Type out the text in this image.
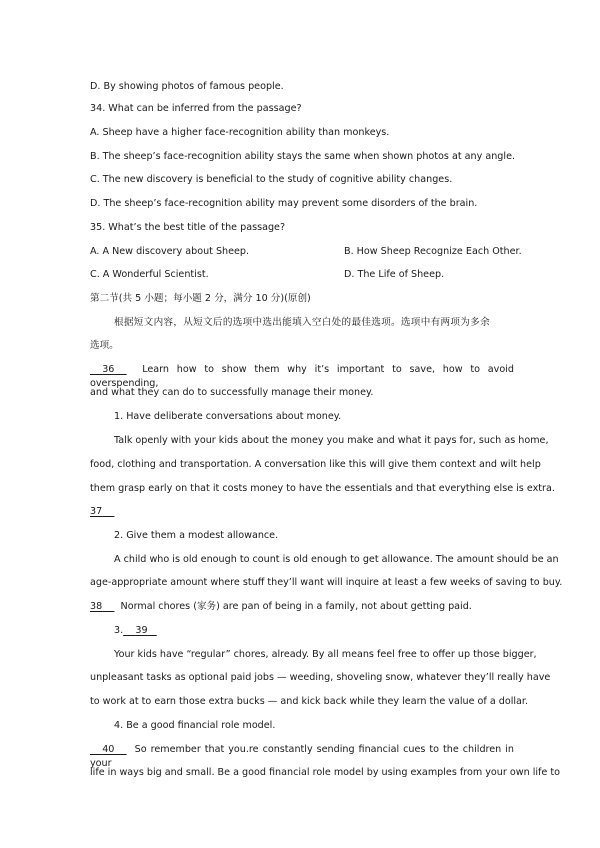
D. By showing photos of famous people.
34. What can be inferred from the passage?
A. Sheep have a higher face-recognition ability than monkeys.
B. The sheep’s face-recognition ability stays the same when shown photos at any angle.
C. The new discovery is beneficial to the study of cognitive ability changes.
D. The sheep’s face-recognition ability may prevent some disorders of the brain.
35. What’s the best title of the passage?
A. A New discovery about Sheep.	B. How Sheep Recognize Each Other.
C. A Wonderful Scientist.	D. The Life of Sheep.
第二节(共 5 小题；每小题 2 分，满分 10 分)(原创)
根据短文内容，从短文后的选项中选出能填入空白处的最佳选项。选项中有两项为多余
选项。
36	Learn how to show them why it’s important to save, how to avoid overspending,
and what they can do to successfully manage their money.
1. Have deliberate conversations about money.
Talk openly with your kids about the money you make and what it pays for, such as home,
food, clothing and transportation. A conversation like this will give them context and wilt help
them grasp early on that it costs money to have the essentials and that everything else is extra.
37
2. Give them a modest allowance.
A child who is old enough to count is old enough to get allowance. The amount should be an
age-appropriate amount where stuff they’ll want will inquire at least a few weeks of saving to buy.
38 Normal chores (家务) are pan of being in a family, not about getting paid.
3. 39
Your kids have “regular” chores, already. By all means feel free to offer up those bigger,
unpleasant tasks as optional paid jobs — weeding, shoveling snow, whatever they’ll really have
to work at to earn those extra bucks — and kick back while they learn the value of a dollar.
4. Be a good financial role model.
40 So remember that you.re constantly sending financial cues to the children in your
life in ways big and small. Be a good financial role model by using examples from your own life to
